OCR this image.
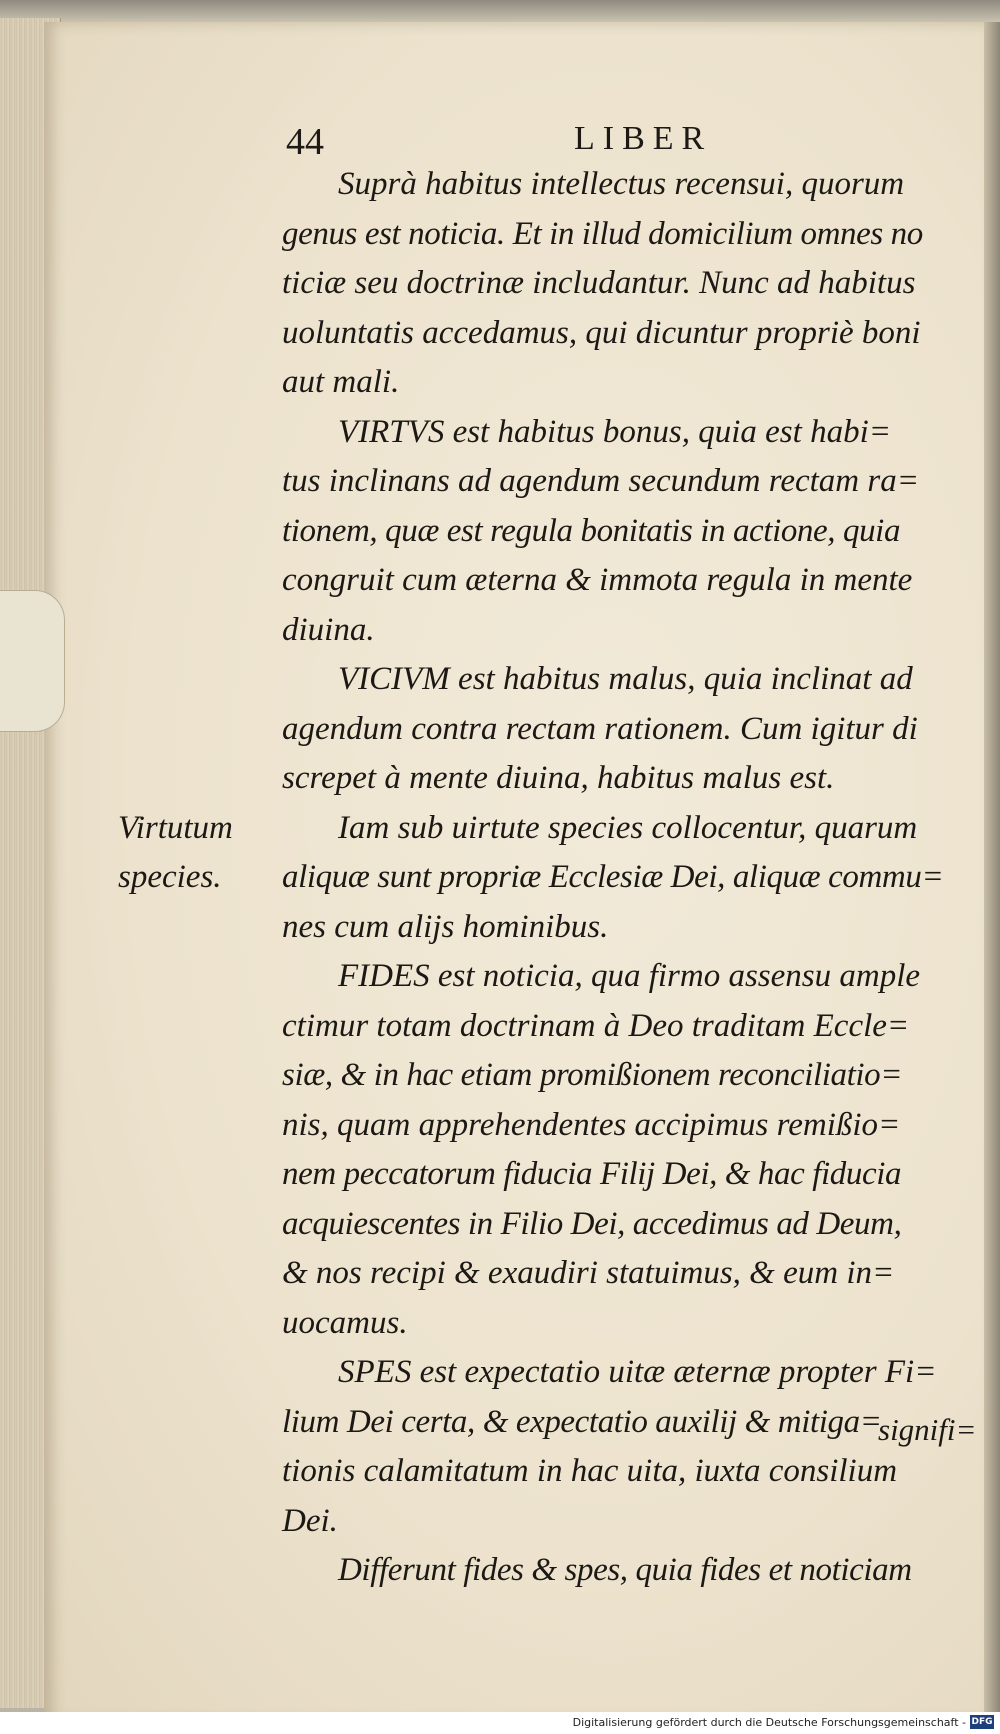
44	LIBER
Suprà habitus intellectus recensui, quorum
genus est noticia. Et in illud domicilium omnes no
ticiæ seu doctrinæ includantur. Nunc ad habitus
uoluntatis accedamus, qui dicuntur propriè boni
aut mali.
VIRTVS est habitus bonus, quia est habi=
tus inclinans ad agendum secundum rectam ra=
tionem, quæ est regula bonitatis in actione, quia
congruit cum æterna & immota regula in mente
diuina.
VICIVM est habitus malus, quia inclinat ad
agendum contra rectam rationem. Cum igitur di
screpet à mente diuina, habitus malus est.
Iam sub uirtute species collocentur, quarum
aliquæ sunt propriæ Ecclesiæ Dei, aliquæ commu=
nes cum alijs hominibus.
FIDES est noticia, qua firmo assensu ample
ctimur totam doctrinam à Deo traditam Eccle=
siæ, & in hac etiam promißionem reconciliatio=
nis, quam apprehendentes accipimus remißio=
nem peccatorum fiducia Filij Dei, & hac fiducia
acquiescentes in Filio Dei, accedimus ad Deum,
& nos recipi & exaudiri statuimus, & eum in=
uocamus.
SPES est expectatio uitæ æternæ propter Fi=
lium Dei certa, & expectatio auxilij & mitiga=
tionis calamitatum in hac uita, iuxta consilium
Dei.
Differunt fides & spes, quia fides et noticiam
Virtutum
species.
signifi=
Digitalisierung gefördert durch die Deutsche Forschungsgemeinschaft - DFG
